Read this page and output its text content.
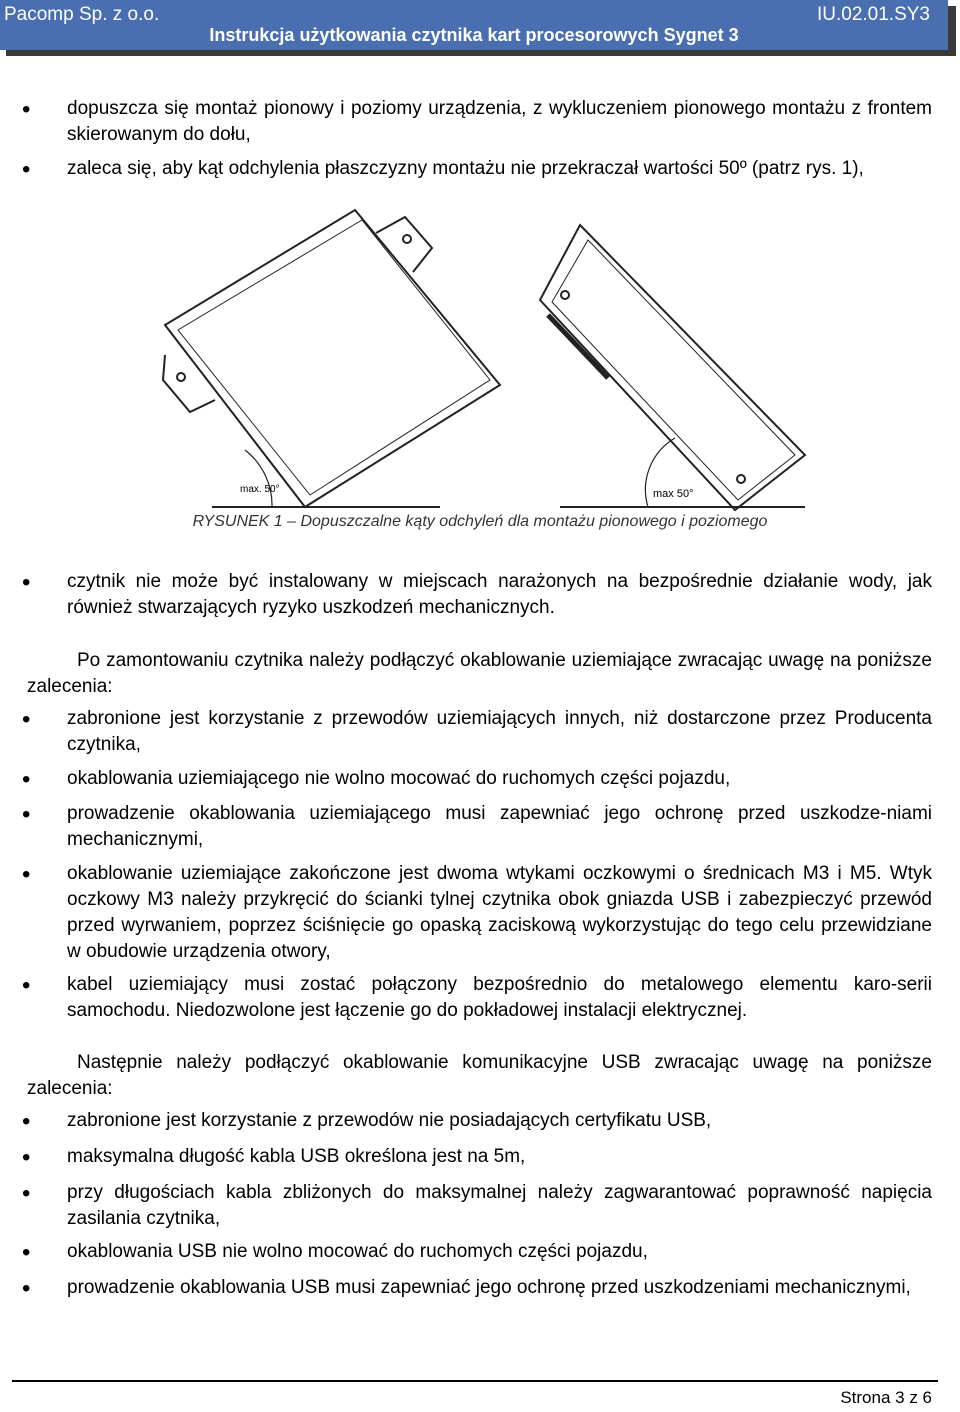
Pacomp Sp. z o.o.	IU.02.01.SY3
Instrukcja użytkowania czytnika kart procesorowych Sygnet 3
• dopuszcza się montaż pionowy i poziomy urządzenia, z wykluczeniem pionowego montażu z frontem skierowanym do dołu,
• zaleca się, aby kąt odchylenia płaszczyzny montażu nie przekraczał wartości 50º (patrz rys. 1),
max. 50°	max 50°
RYSUNEK 1 – Dopuszczalne kąty odchyleń dla montażu pionowego i poziomego
• czytnik nie może być instalowany w miejscach narażonych na bezpośrednie działanie wody, jak również stwarzających ryzyko uszkodzeń mechanicznych.
Po zamontowaniu czytnika należy podłączyć okablowanie uziemiające zwracając uwagę na poniższe zalecenia:
• zabronione jest korzystanie z przewodów uziemiających innych, niż dostarczone przez Producenta czytnika,
• okablowania uziemiającego nie wolno mocować do ruchomych części pojazdu,
• prowadzenie okablowania uziemiającego musi zapewniać jego ochronę przed uszkodze-niami mechanicznymi,
• okablowanie uziemiające zakończone jest dwoma wtykami oczkowymi o średnicach M3 i M5. Wtyk oczkowy M3 należy przykręcić do ścianki tylnej czytnika obok gniazda USB i zabezpieczyć przewód przed wyrwaniem, poprzez ściśnięcie go opaską zaciskową wykorzystując do tego celu przewidziane w obudowie urządzenia otwory,
• kabel uziemiający musi zostać połączony bezpośrednio do metalowego elementu karo-serii samochodu. Niedozwolone jest łączenie go do pokładowej instalacji elektrycznej.
Następnie należy podłączyć okablowanie komunikacyjne USB zwracając uwagę na poniższe zalecenia:
• zabronione jest korzystanie z przewodów nie posiadających certyfikatu USB,
• maksymalna długość kabla USB określona jest na 5m,
• przy długościach kabla zbliżonych do maksymalnej należy zagwarantować poprawność napięcia zasilania czytnika,
• okablowania USB nie wolno mocować do ruchomych części pojazdu,
• prowadzenie okablowania USB musi zapewniać jego ochronę przed uszkodzeniami mechanicznymi,
Strona 3 z 6
